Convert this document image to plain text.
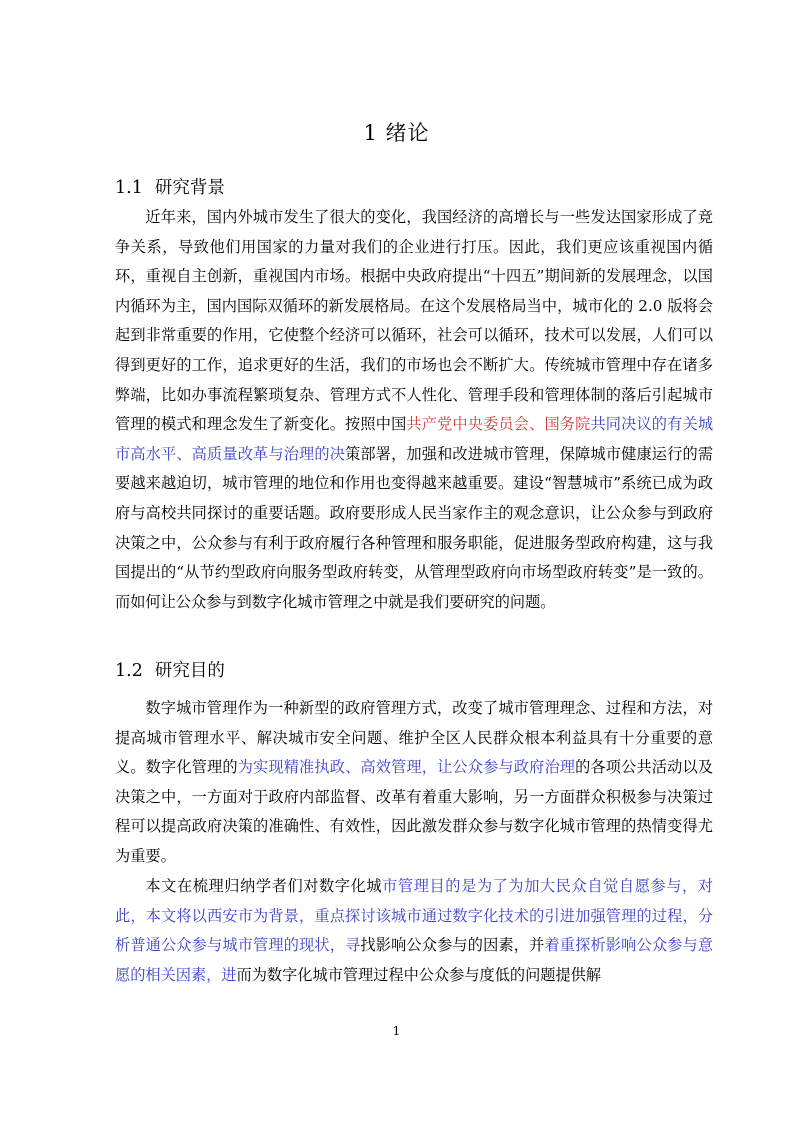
1 绪论
1.1 研究背景

近年来，国内外城市发生了很大的变化，我国经济的高增长与一些发达国家形成了竞争关系，导致他们用国家的力量对我们的企业进行打压。因此，我们更应该重视国内循环，重视自主创新，重视国内市场。根据中央政府提出“十四五”期间新的发展理念，以国内循环为主，国内国际双循环的新发展格局。在这个发展格局当中，城市化的 2.0 版将会起到非常重要的作用，它使整个经济可以循环，社会可以循环，技术可以发展，人们可以得到更好的工作，追求更好的生活，我们的市场也会不断扩大。传统城市管理中存在诸多弊端，比如办事流程繁琐复杂、管理方式不人性化、管理手段和管理体制的落后引起城市管理的模式和理念发生了新变化。按照中国共产党中央委员会、国务院共同决议的有关城市高水平、高质量改革与治理的决策部署，加强和改进城市管理，保障城市健康运行的需要越来越迫切，城市管理的地位和作用也变得越来越重要。建设“智慧城市”系统已成为政府与高校共同探讨的重要话题。政府要形成人民当家作主的观念意识，让公众参与到政府决策之中，公众参与有利于政府履行各种管理和服务职能，促进服务型政府构建，这与我国提出的“从节约型政府向服务型政府转变，从管理型政府向市场型政府转变”是一致的。而如何让公众参与到数字化城市管理之中就是我们要研究的问题。

1.2 研究目的

数字城市管理作为一种新型的政府管理方式，改变了城市管理理念、过程和方法，对提高城市管理水平、解决城市安全问题、维护全区人民群众根本利益具有十分重要的意义。数字化管理的为实现精准执政、高效管理，让公众参与政府治理的各项公共活动以及决策之中，一方面对于政府内部监督、改革有着重大影响，另一方面群众积极参与决策过程可以提高政府决策的准确性、有效性，因此激发群众参与数字化城市管理的热情变得尤为重要。

本文在梳理归纳学者们对数字化城市管理目的是为了为加大民众自觉自愿参与，对此，本文将以西安市为背景，重点探讨该城市通过数字化技术的引进加强管理的过程，分析普通公众参与城市管理的现状，寻找影响公众参与的因素，并着重探析影响公众参与意愿的相关因素，进而为数字化城市管理过程中公众参与度低的问题提供解

1
